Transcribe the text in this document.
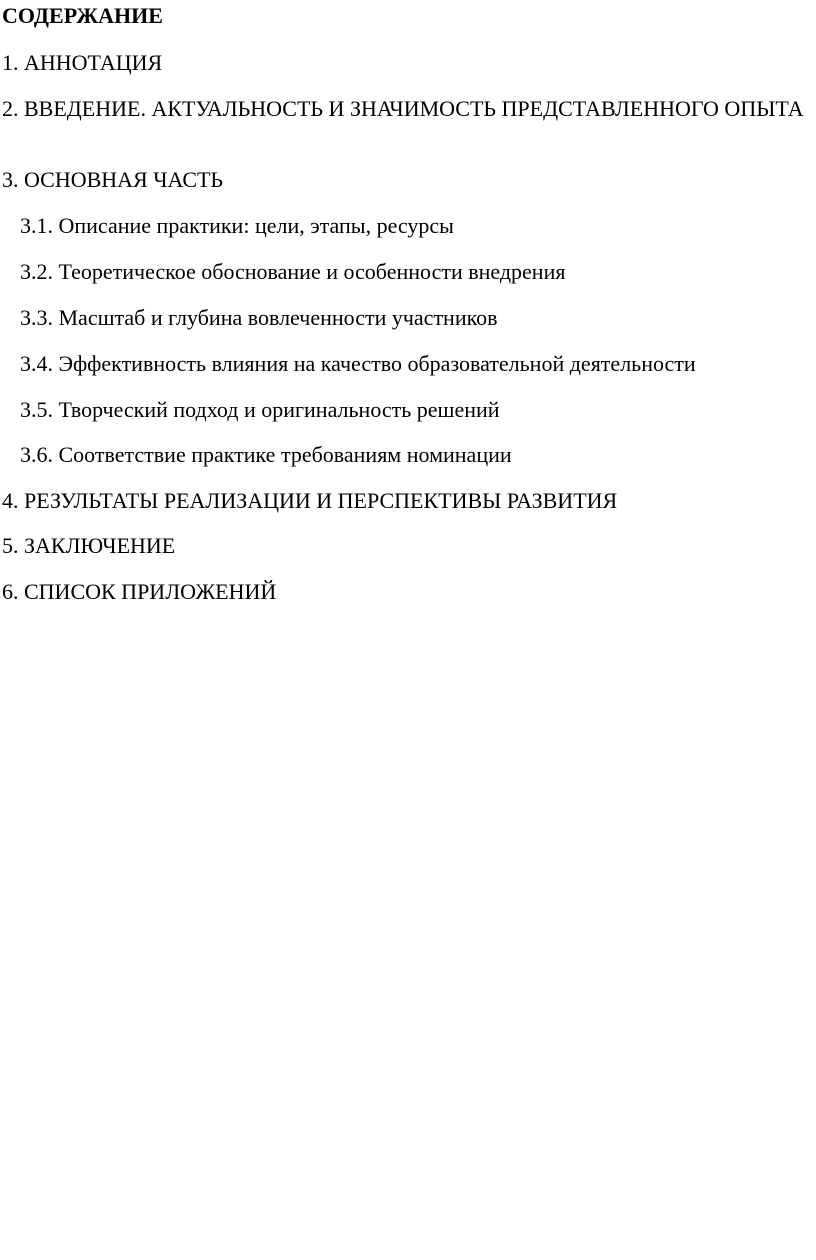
СОДЕРЖАНИЕ
1. АННОТАЦИЯ
2. ВВЕДЕНИЕ. АКТУАЛЬНОСТЬ И ЗНАЧИМОСТЬ ПРЕДСТАВЛЕННОГО ОПЫТА
3. ОСНОВНАЯ ЧАСТЬ
3.1. Описание практики: цели, этапы, ресурсы
3.2. Теоретическое обоснование и особенности внедрения
3.3. Масштаб и глубина вовлеченности участников
3.4. Эффективность влияния на качество образовательной деятельности
3.5. Творческий подход и оригинальность решений
3.6. Соответствие практике требованиям номинации
4. РЕЗУЛЬТАТЫ РЕАЛИЗАЦИИ И ПЕРСПЕКТИВЫ РАЗВИТИЯ
5. ЗАКЛЮЧЕНИЕ
6. СПИСОК ПРИЛОЖЕНИЙ
